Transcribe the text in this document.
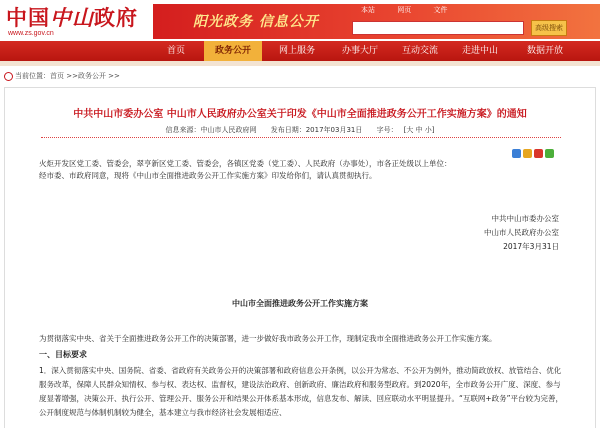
中国中山政府
www.zs.gov.cn
阳光政务 信息公开
本站	网页	文件
高级搜索
首页	政务公开	网上服务	办事大厅	互动交流	走进中山	数据开放
当前位置：首页 >>政务公开 >>
中共中山市委办公室 中山市人民政府办公室关于印发《中山市全面推进政务公开工作实施方案》的通知
信息来源：中山市人民政府网 发布日期：2017年03月31日 字号： [大 中 小]
火炬开发区党工委、管委会，翠亨新区党工委、管委会，各镇区党委（党工委）、人民政府（办事处），市各正处级以上单位：
经市委、市政府同意，现将《中山市全面推进政务公开工作实施方案》印发给你们，请认真贯彻执行。
中共中山市委办公室
中山市人民政府办公室
2017年3月31日
中山市全面推进政务公开工作实施方案
为贯彻落实中央、省关于全面推进政务公开工作的决策部署，进一步做好我市政务公开工作，现制定我市全面推进政务公开工作实施方案。
一、目标要求
1．深入贯彻落实中央、国务院、省委、省政府有关政务公开的决策部署和政府信息公开条例，以公开为常态、不公开为例外，推动简政放权、放管结合、优化服务改革，保障人民群众知情权、参与权、表达权、监督权，建设法治政府、创新政府、廉洁政府和服务型政府。到2020年，全市政务公开广度、深度、参与度显著增强，决策公开、执行公开、管理公开、服务公开和结果公开体系基本形成，信息发布、解读、回应联动水平明显提升。“互联网+政务”平台较为完善，公开制度规范与体制机制较为健全，基本建立与我市经济社会发展相适应、
